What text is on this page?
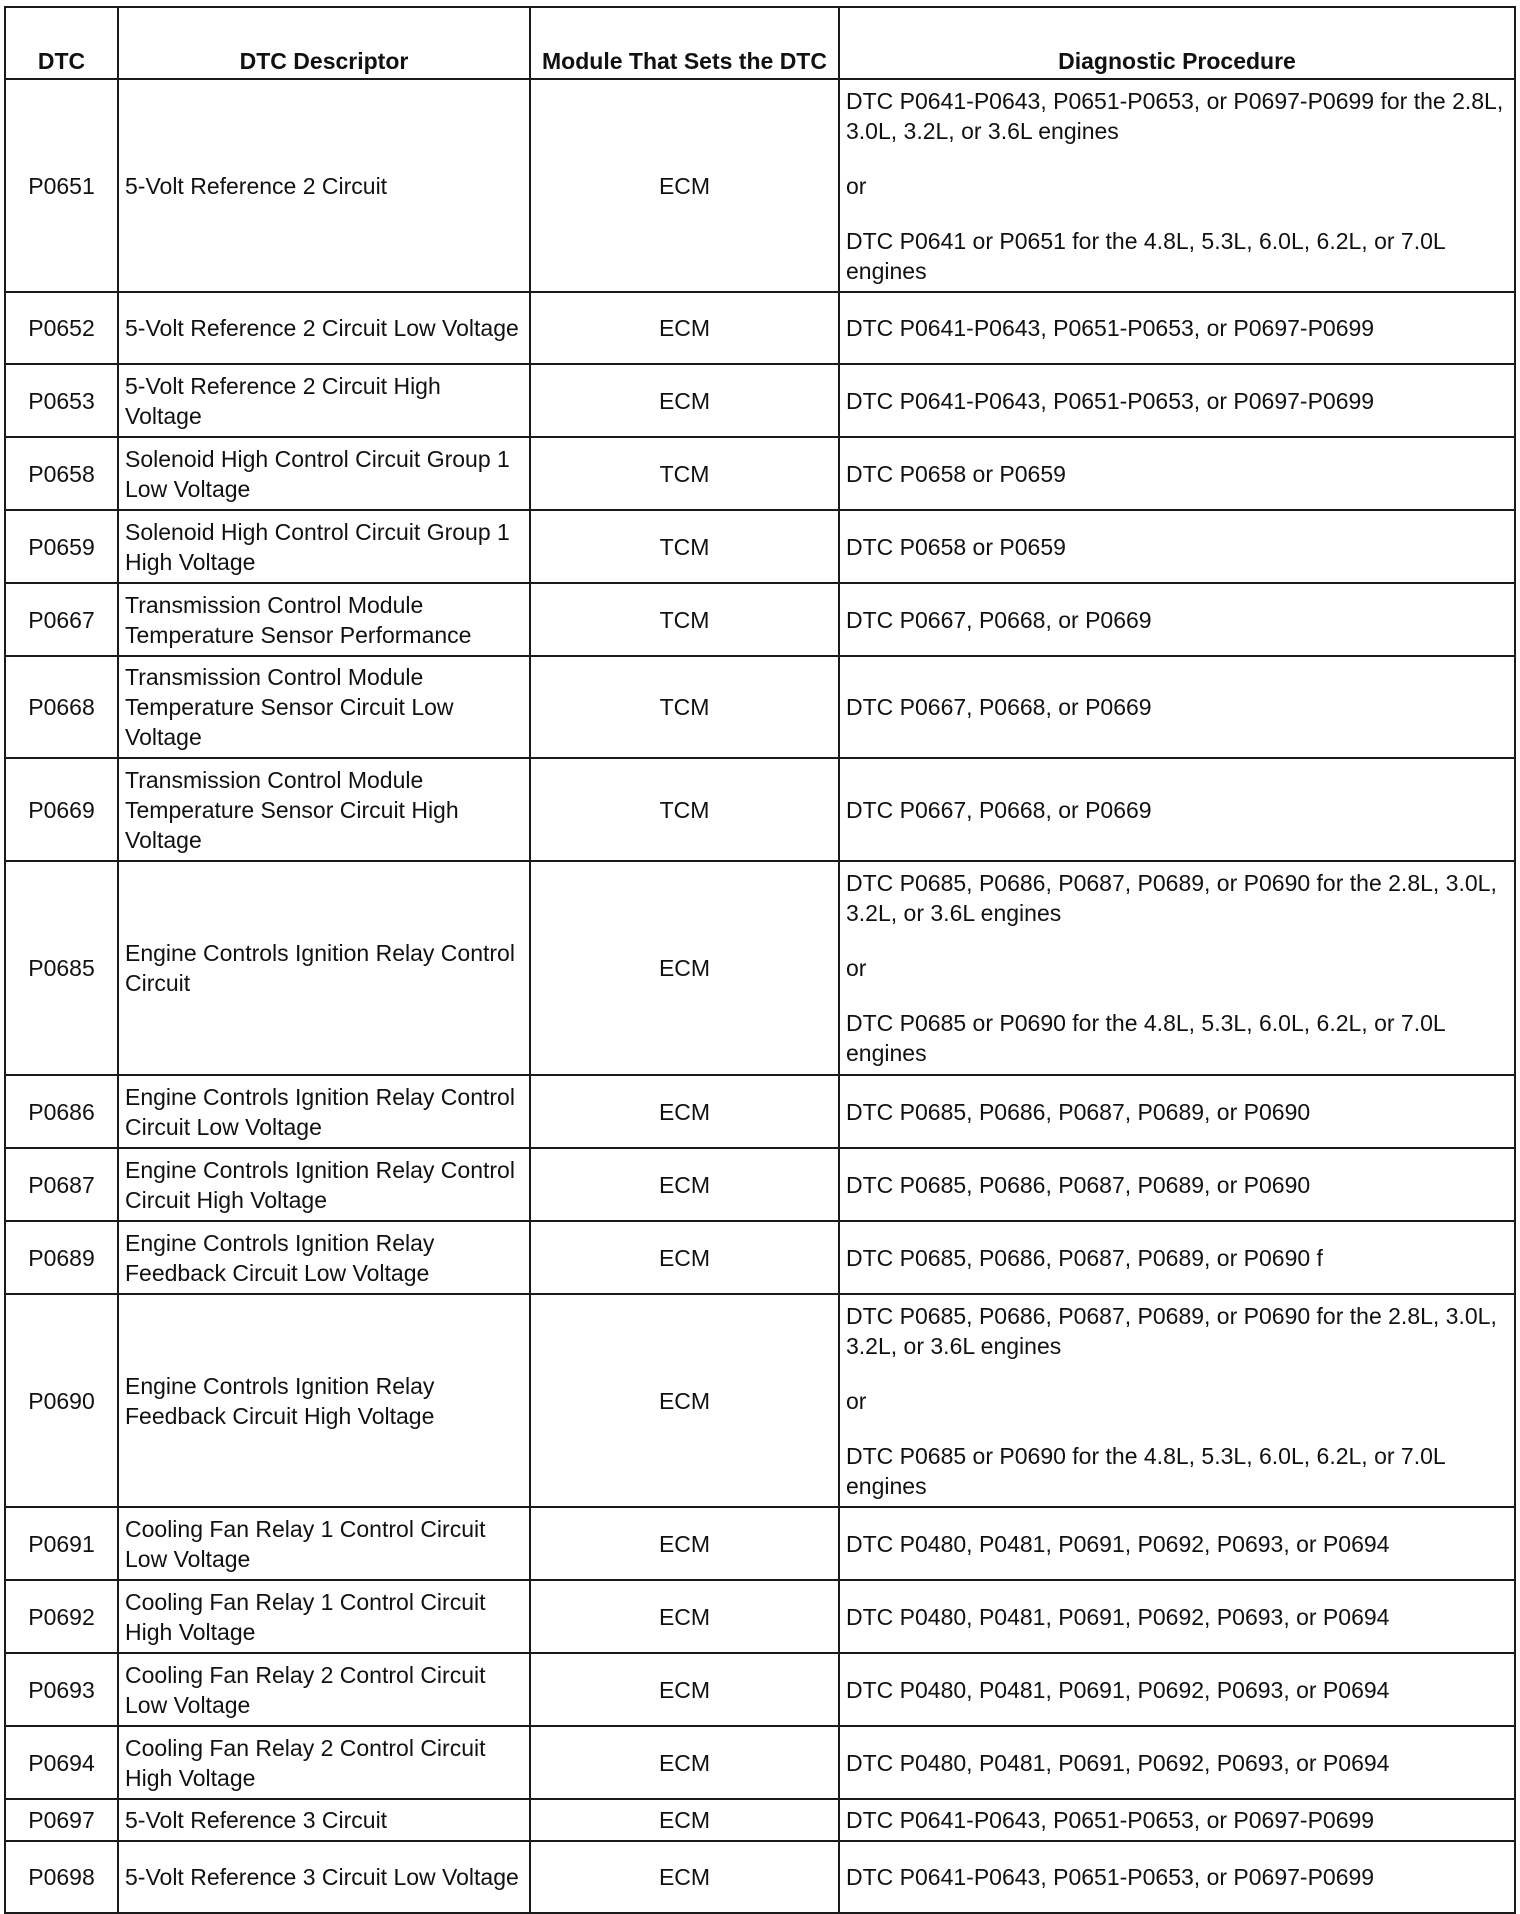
DTC	DTC Descriptor	Module That Sets the DTC	Diagnostic Procedure
P0651	5-Volt Reference 2 Circuit	ECM	DTC P0641-P0643, P0651-P0653, or P0697-P0699 for the 2.8L, 3.0L, 3.2L, or 3.6L engines
or
DTC P0641 or P0651 for the 4.8L, 5.3L, 6.0L, 6.2L, or 7.0L engines

P0652	5-Volt Reference 2 Circuit Low Voltage	ECM	DTC P0641-P0643, P0651-P0653, or P0697-P0699
P0653	5-Volt Reference 2 Circuit High Voltage	ECM	DTC P0641-P0643, P0651-P0653, or P0697-P0699
P0658	Solenoid High Control Circuit Group 1 Low Voltage	TCM	DTC P0658 or P0659
P0659	Solenoid High Control Circuit Group 1 High Voltage	TCM	DTC P0658 or P0659
P0667	Transmission Control Module Temperature Sensor Performance	TCM	DTC P0667, P0668, or P0669
P0668	Transmission Control Module Temperature Sensor Circuit Low Voltage	TCM	DTC P0667, P0668, or P0669
P0669	Transmission Control Module Temperature Sensor Circuit High Voltage	TCM	DTC P0667, P0668, or P0669
P0685	Engine Controls Ignition Relay Control Circuit	ECM	DTC P0685, P0686, P0687, P0689, or P0690 for the 2.8L, 3.0L, 3.2L, or 3.6L engines
or
DTC P0685 or P0690 for the 4.8L, 5.3L, 6.0L, 6.2L, or 7.0L engines

P0686	Engine Controls Ignition Relay Control Circuit Low Voltage	ECM	DTC P0685, P0686, P0687, P0689, or P0690
P0687	Engine Controls Ignition Relay Control Circuit High Voltage	ECM	DTC P0685, P0686, P0687, P0689, or P0690
P0689	Engine Controls Ignition Relay Feedback Circuit Low Voltage	ECM	DTC P0685, P0686, P0687, P0689, or P0690 f
P0690	Engine Controls Ignition Relay Feedback Circuit High Voltage	ECM	DTC P0685, P0686, P0687, P0689, or P0690 for the 2.8L, 3.0L, 3.2L, or 3.6L engines
or
DTC P0685 or P0690 for the 4.8L, 5.3L, 6.0L, 6.2L, or 7.0L engines

P0691	Cooling Fan Relay 1 Control Circuit Low Voltage	ECM	DTC P0480, P0481, P0691, P0692, P0693, or P0694
P0692	Cooling Fan Relay 1 Control Circuit High Voltage	ECM	DTC P0480, P0481, P0691, P0692, P0693, or P0694
P0693	Cooling Fan Relay 2 Control Circuit Low Voltage	ECM	DTC P0480, P0481, P0691, P0692, P0693, or P0694
P0694	Cooling Fan Relay 2 Control Circuit High Voltage	ECM	DTC P0480, P0481, P0691, P0692, P0693, or P0694
P0697	5-Volt Reference 3 Circuit	ECM	DTC P0641-P0643, P0651-P0653, or P0697-P0699
P0698	5-Volt Reference 3 Circuit Low Voltage	ECM	DTC P0641-P0643, P0651-P0653, or P0697-P0699
